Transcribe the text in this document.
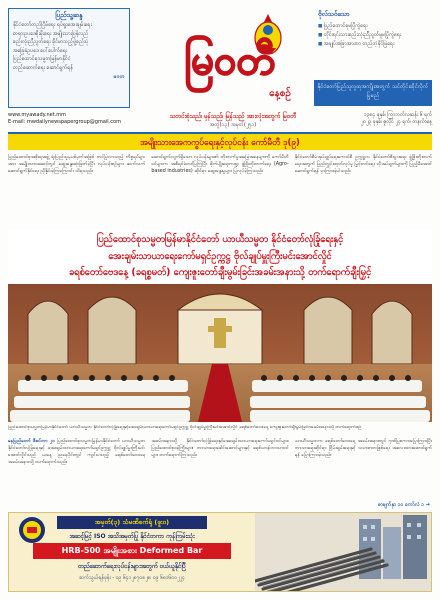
ပြည်သူ့ဆန္ဒ
နိုင်ငံတော်တည်ငြိမ်ရေး ရပ်ရွာအေးချမ်းရေး
တရားဥပဒေစိုးမိုးရေး အမျိုးသားပြန်လည်
စည်းလုံးညီညွတ်ရေး ခိုင်မာသည့်ဖွဲ့စည်းပုံ
အခြေခံဥပဒေ ပေါ်ပေါက်ရေး
ပြည်ထောင်စုသမ္မတမြန်မာနိုင်ငံ
တည်ဆောက်ရေး ဆောင်ရွက်ရန်
မဝတ မြဝတီ
နေ့စဉ်
ဗိုလ်သဝ်သော
■ ပြည်ထောင်စုမပြိုကွဲရေး
■ တိုင်းရင်းသားစည်းလုံးညီညွတ်မှုမပြိုကွဲရေး
■ အချုပ်အခြာအာဏာ တည်တံ့ခိုင်မြဲရေး
နိုင်ငံတော်ပြည်သူလူထုအကျိုးအတွက် သင်တိုင်းထိုင်လိုက်ပြုမည်
www.myawady.net.mm
E-mail: mwdailynewspapergroup@gmail.com
သတင်းစုံသည်၊ မှန်သည်၊ မြန်သည် အားလုံးအတွက် မြဝတီ
အတွဲ(၁၃) အမှတ်(၂၅၁)
၁၃၈၄ ခုနှစ်၊ ကြာဘတ်လဆန်း ၆ ရက်
၂၀၂၃ ခုနှစ်၊ ဇူလိုင် ၂၄ ရက်၊ တနင်္လာနေ့
အမျိုးသားအေကက္ခပ်ရေးနှင့်လုပ်ငန်း ကော်မီတီ ဒု(၉)
ပြည်ထောင်စုအစိုးရအဖွဲ့ ရုံးပြည်သူမှပစ်မှတ်အဖြစ် တင်ပြလာသည့် ကိစ္စရပ်များအား အမျိုးသားအဆင့်တွင် ဆွေးနွေးဆုံးဖြတ်ခဲ့ပြီး လုပ်ငန်းစဉ်များ ဆက်လက်ဆောင်ရွက်နိုင်ရေး ညှိနှိုင်းခဲ့ကြကြောင်း သိရသည်။
ဆောင်ရွက်လျက်ရှိသော လုပ်ငန်းများ၏ တိုးတက်မှုအခြေအနေများကို ကော်မီတီဝင်များက အစီရင်ခံတင်ပြကြပြီး စိုက်ပျိုးရေးကဏ္ဍ ဖွံ့ဖြိုးတိုးတက်ရေး (Agro-based industries) ဆိုင်ရာ ဆွေးနွေးမှုများ ပြုလုပ်ခဲ့ကြသည်။
နိုင်ငံတော်စီမံအုပ်ချုပ်ရေးကောင်စီ ဥက္ကဋ္ဌက နိုင်ငံတော်စီးပွားရေး ဖွံ့ဖြိုးတိုးတက်ရေးအတွက် ပြည်တွင်းထုတ်လုပ်မှု မြှင့်တင်ရေး လိုအပ်ချက်များကို ပြည့်မီအောင် ဆောင်ရွက်ရန် မှာကြားခဲ့ပါသည်။
ပြည်ထောင်စုသမ္မတမြန်မာနိုင်ငံတော် ယာယီသမ္မတ နိုင်ငံတော်လုံခြုံရေးနှင့်
အေးချမ်းသာယာရေးကော်မရှင်ဥက္ကဋ္ဌ ဗိုလ်ချုပ်မှူးကြီးမင်းအောင်လှိုင်
ခရစ်တော်ဗေဒနေ့ (ခရစ္စမတ်) ကျေးဇူးတော်ချီးမွမ်းခြင်းအခမ်းအနားသို့ တက်ရောက်ချီးမြှင့်
ပြည်ထောင်စုသမ္မတမြန်မာနိုင်ငံတော် ယာယီသမ္မတ နိုင်ငံတော်လုံခြုံရေးနှင့်အေးချမ်းသာယာရေးကော်မရှင်ဥက္ကဋ္ဌ ဗိုလ်ချုပ်မှူးကြီးမင်းအောင်လှိုင် ခရစ်တော်ဗေဒနေ့ ကျေးဇူးတော်ချီးမွမ်းခြင်းအခမ်းအနားသို့ တက်ရောက်စဉ်
နေပြည်တော် ဒီဇင်ဘာ ၂၀ ပြည်ထောင်စုသမ္မတမြန်မာနိုင်ငံတော် ယာယီသမ္မတ နိုင်ငံတော်လုံခြုံရေးနှင့် အေးချမ်းသာယာရေးကော်မရှင်ဥက္ကဋ္ဌ ဗိုလ်ချုပ်မှူးကြီးမင်းအောင်လှိုင်သည် ယနေ့ ညနေပိုင်းတွင် ကျင်းပသည့် ခရစ်တော်ဗေဒနေ့ အခမ်းအနားသို့ တက်ရောက်သည်။
အခမ်းအနားသို့ နိုင်ငံတော်လုံခြုံရေးနှင့်အေးချမ်းသာယာရေးကော်မရှင်ဝင်များ၊ ပြည်ထောင်စုဝန်ကြီးများ၊ ဘာသာရေးခေါင်းဆောင်များနှင့် ခရစ်ယာန်ဘာသာဝင်များ တက်ရောက်ကြသည်။
ယာယီသမ္မတက ခရစ်တော်ဗေဒနေ့ အခမ်းအနားတွင် ဂုဏ်ပြုစကားပြောကြားပြီး ဘာသာရေးဆိုင်ရာ ငြိမ်းချမ်းရေးနှင့် သဟဇာတဖြစ်ရေး အလေးထားဆောင်ရွက်ရန် ပြောကြားခဲ့သည်။
စာမျက်နှာ ၁၀ ကော်လံ ၁ ➔
အမှတ်(၃) သံမဏိစက်ရုံ (ဖူးဝ)
အဆင့်မြင့် ISO အသိအမှတ်ပြု နိုင်ငံတကာ ကုန်ကြမ်းသုံး
HRB-500 အမျိုးအစား Deformed Bar
တည်ဆောက်ရေးလုပ်ငန်းများအတွက် ဝယ်ယူနိုင်ပြီ
ဆက်သွယ်ရန်ဖုန်း - ၀၉ ၆၄၁၂၈၇၀၈၂၈၊ ၀၉ ၆၈၁၆၀၀၂၂၄
